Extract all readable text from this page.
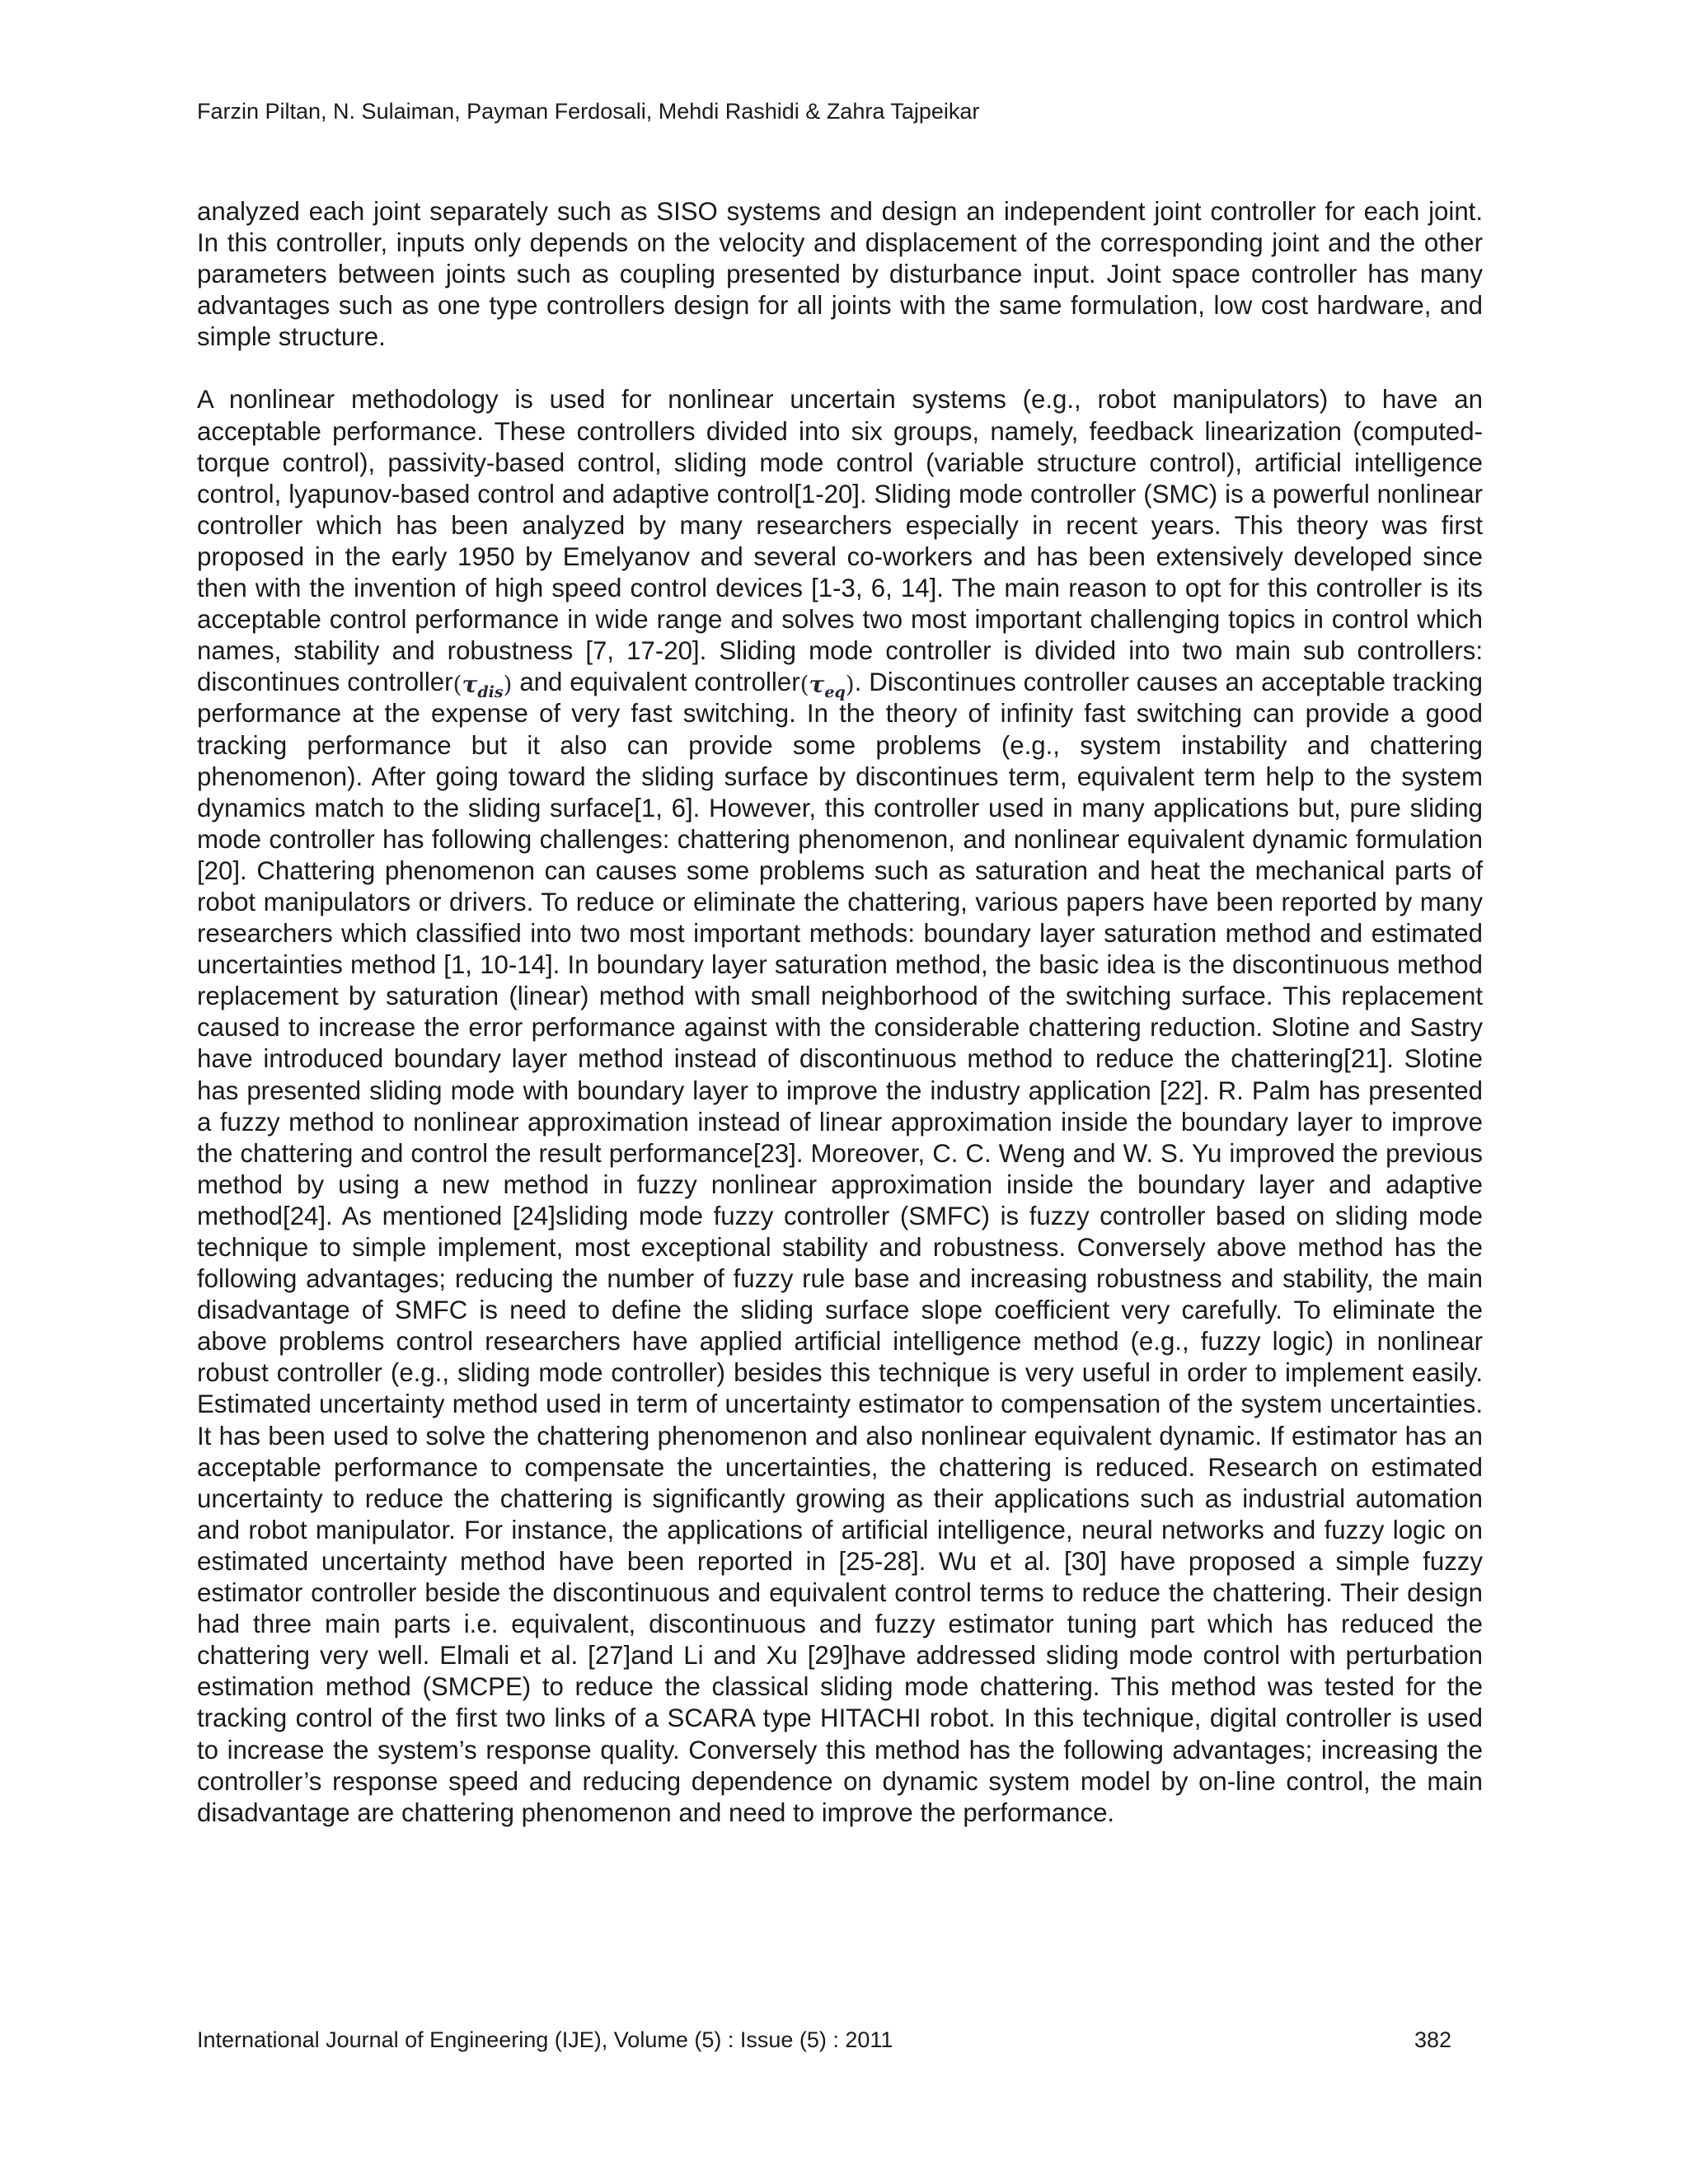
Farzin Piltan, N. Sulaiman, Payman Ferdosali, Mehdi Rashidi & Zahra Tajpeikar

analyzed each joint separately such as SISO systems and design an independent joint controller for each joint. In this controller, inputs only depends on the velocity and displacement of the corresponding joint and the other parameters between joints such as coupling presented by disturbance input. Joint space controller has many advantages such as one type controllers design for all joints with the same formulation, low cost hardware, and simple structure.

A nonlinear methodology is used for nonlinear uncertain systems (e.g., robot manipulators) to have an acceptable performance. These controllers divided into six groups, namely, feedback linearization (computed-torque control), passivity-based control, sliding mode control (variable structure control), artificial intelligence control, lyapunov-based control and adaptive control[1-20]. Sliding mode controller (SMC) is a powerful nonlinear controller which has been analyzed by many researchers especially in recent years. This theory was first proposed in the early 1950 by Emelyanov and several co-workers and has been extensively developed since then with the invention of high speed control devices [1-3, 6, 14]. The main reason to opt for this controller is its acceptable control performance in wide range and solves two most important challenging topics in control which names, stability and robustness [7, 17-20]. Sliding mode controller is divided into two main sub controllers: discontinues $controller(\tau_{dis})$ and equivalent $controller(\tau_{eq})$. Discontinues controller causes an acceptable tracking performance at the expense of very fast switching. In the theory of infinity fast switching can provide a good tracking performance but it also can provide some problems (e.g., system instability and chattering phenomenon). After going toward the sliding surface by discontinues term, equivalent term help to the system dynamics match to the sliding surface[1, 6]. However, this controller used in many applications but, pure sliding mode controller has following challenges: chattering phenomenon, and nonlinear equivalent dynamic formulation [20]. Chattering phenomenon can causes some problems such as saturation and heat the mechanical parts of robot manipulators or drivers. To reduce or eliminate the chattering, various papers have been reported by many researchers which classified into two most important methods: boundary layer saturation method and estimated uncertainties method [1, 10-14]. In boundary layer saturation method, the basic idea is the discontinuous method replacement by saturation (linear) method with small neighborhood of the switching surface. This replacement caused to increase the error performance against with the considerable chattering reduction. Slotine and Sastry have introduced boundary layer method instead of discontinuous method to reduce the chattering[21]. Slotine has presented sliding mode with boundary layer to improve the industry application [22]. R. Palm has presented a fuzzy method to nonlinear approximation instead of linear approximation inside the boundary layer to improve the chattering and control the result performance[23]. Moreover, C. C. Weng and W. S. Yu improved the previous method by using a new method in fuzzy nonlinear approximation inside the boundary layer and adaptive method[24]. As mentioned [24]sliding mode fuzzy controller (SMFC) is fuzzy controller based on sliding mode technique to simple implement, most exceptional stability and robustness. Conversely above method has the following advantages; reducing the number of fuzzy rule base and increasing robustness and stability, the main disadvantage of SMFC is need to define the sliding surface slope coefficient very carefully. To eliminate the above problems control researchers have applied artificial intelligence method (e.g., fuzzy logic) in nonlinear robust controller (e.g., sliding mode controller) besides this technique is very useful in order to implement easily. Estimated uncertainty method used in term of uncertainty estimator to compensation of the system uncertainties. It has been used to solve the chattering phenomenon and also nonlinear equivalent dynamic. If estimator has an acceptable performance to compensate the uncertainties, the chattering is reduced. Research on estimated uncertainty to reduce the chattering is significantly growing as their applications such as industrial automation and robot manipulator. For instance, the applications of artificial intelligence, neural networks and fuzzy logic on estimated uncertainty method have been reported in [25-28]. Wu et al. [30] have proposed a simple fuzzy estimator controller beside the discontinuous and equivalent control terms to reduce the chattering. Their design had three main parts i.e. equivalent, discontinuous and fuzzy estimator tuning part which has reduced the chattering very well. Elmali et al. [27]and Li and Xu [29]have addressed sliding mode control with perturbation estimation method (SMCPE) to reduce the classical sliding mode chattering. This method was tested for the tracking control of the first two links of a SCARA type HITACHI robot. In this technique, digital controller is used to increase the system’s response quality. Conversely this method has the following advantages; increasing the controller’s response speed and reducing dependence on dynamic system model by on-line control, the main disadvantage are chattering phenomenon and need to improve the performance.

International Journal of Engineering (IJE), Volume (5) : Issue (5) : 2011	382
